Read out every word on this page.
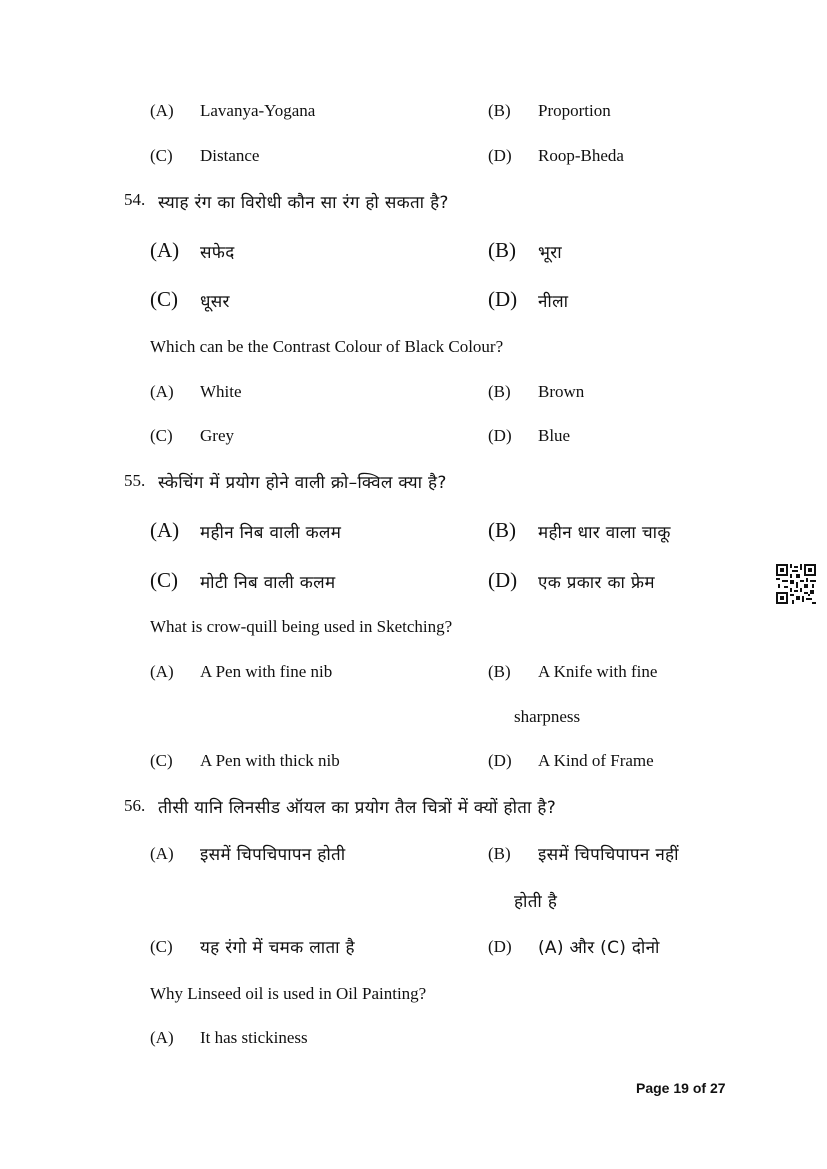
(A) Lavanya-Yogana	(B) Proportion
(C) Distance	(D) Roop-Bheda
54. स्याह रंग का विरोधी कौन सा रंग हो सकता है?
(A) सफेद	(B) भूरा
(C) धूसर	(D) नीला
Which can be the Contrast Colour of Black Colour?
(A) White	(B) Brown
(C) Grey	(D) Blue
55. स्केचिंग में प्रयोग होने वाली क्रो–क्विल क्या है?
(A) महीन निब वाली कलम	(B) महीन धार वाला चाकू
(C) मोटी निब वाली कलम	(D) एक प्रकार का फ्रेम
What is crow-quill being used in Sketching?
(A) A Pen with fine nib	(B) A Knife with fine
sharpness
(C) A Pen with thick nib	(D) A Kind of Frame
56. तीसी यानि लिनसीड ऑयल का प्रयोग तैल चित्रों में क्यों होता है?
(A) इसमें चिपचिपापन होती	(B) इसमें चिपचिपापन नहीं
होती है
(C) यह रंगो में चमक लाता है	(D) (A) और (C) दोनो
Why Linseed oil is used in Oil Painting?
(A) It has stickiness
Page 19 of 27
